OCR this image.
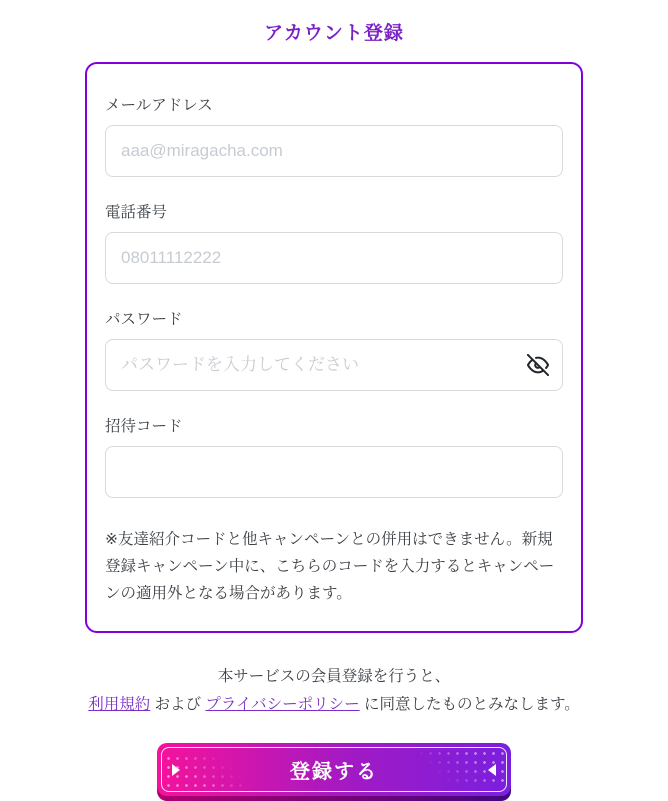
アカウント登録
メールアドレス
aaa@miragacha.com
電話番号
08011112222
パスワード
招待コード

※友達紹介コードと他キャンペーンとの併用はできません。新規登録キャンペーン中に、こちらのコードを入力するとキャンペーンの適用外となる場合があります。

本サービスの会員登録を行うと、
利用規約 および プライバシーポリシー に同意したものとみなします。
登録する
